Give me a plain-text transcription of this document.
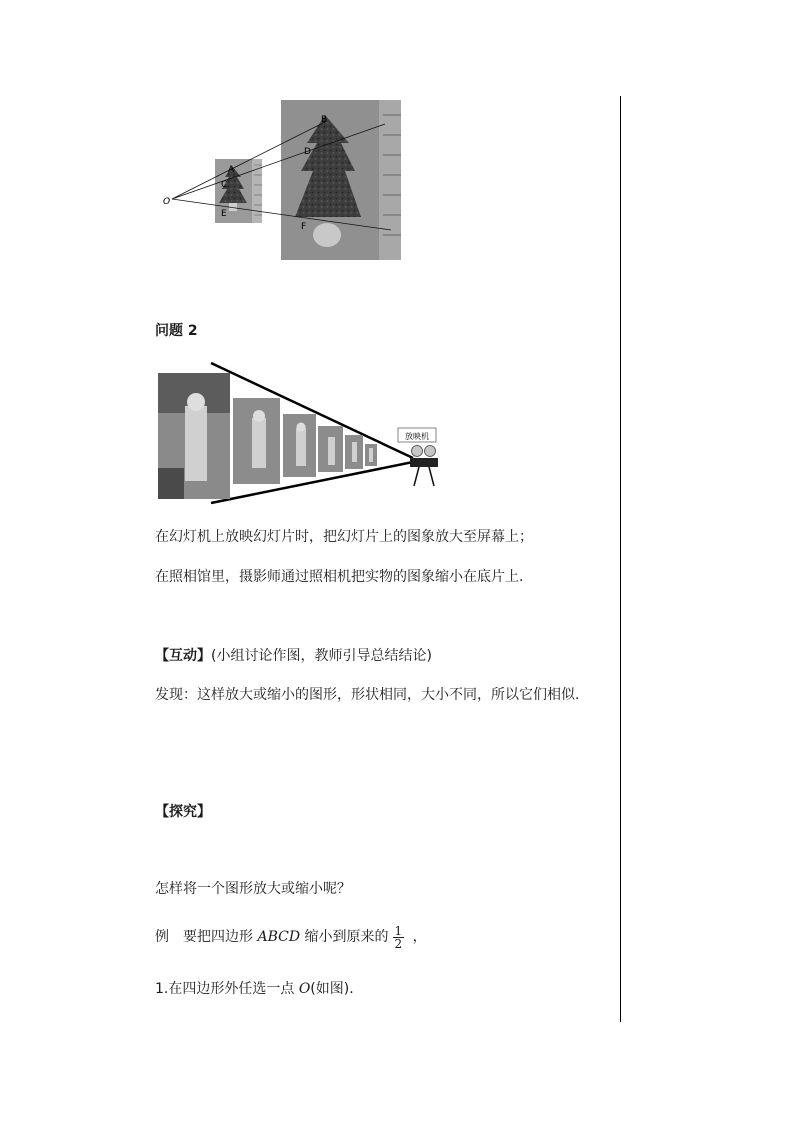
O
A
B
C
D
E
F
问题 2
放映机
在幻灯机上放映幻灯片时，把幻灯片上的图象放大至屏幕上；
在照相馆里，摄影师通过照相机把实物的图象缩小在底片上.
【互动】(小组讨论作图，教师引导总结结论)
发现：这样放大或缩小的图形，形状相同，大小不同，所以它们相似.
【探究】
怎样将一个图形放大或缩小呢？
例　要把四边形 ABCD 缩小到原来的 $\frac{1}{2}$ ，
1.在四边形外任选一点 O(如图).
